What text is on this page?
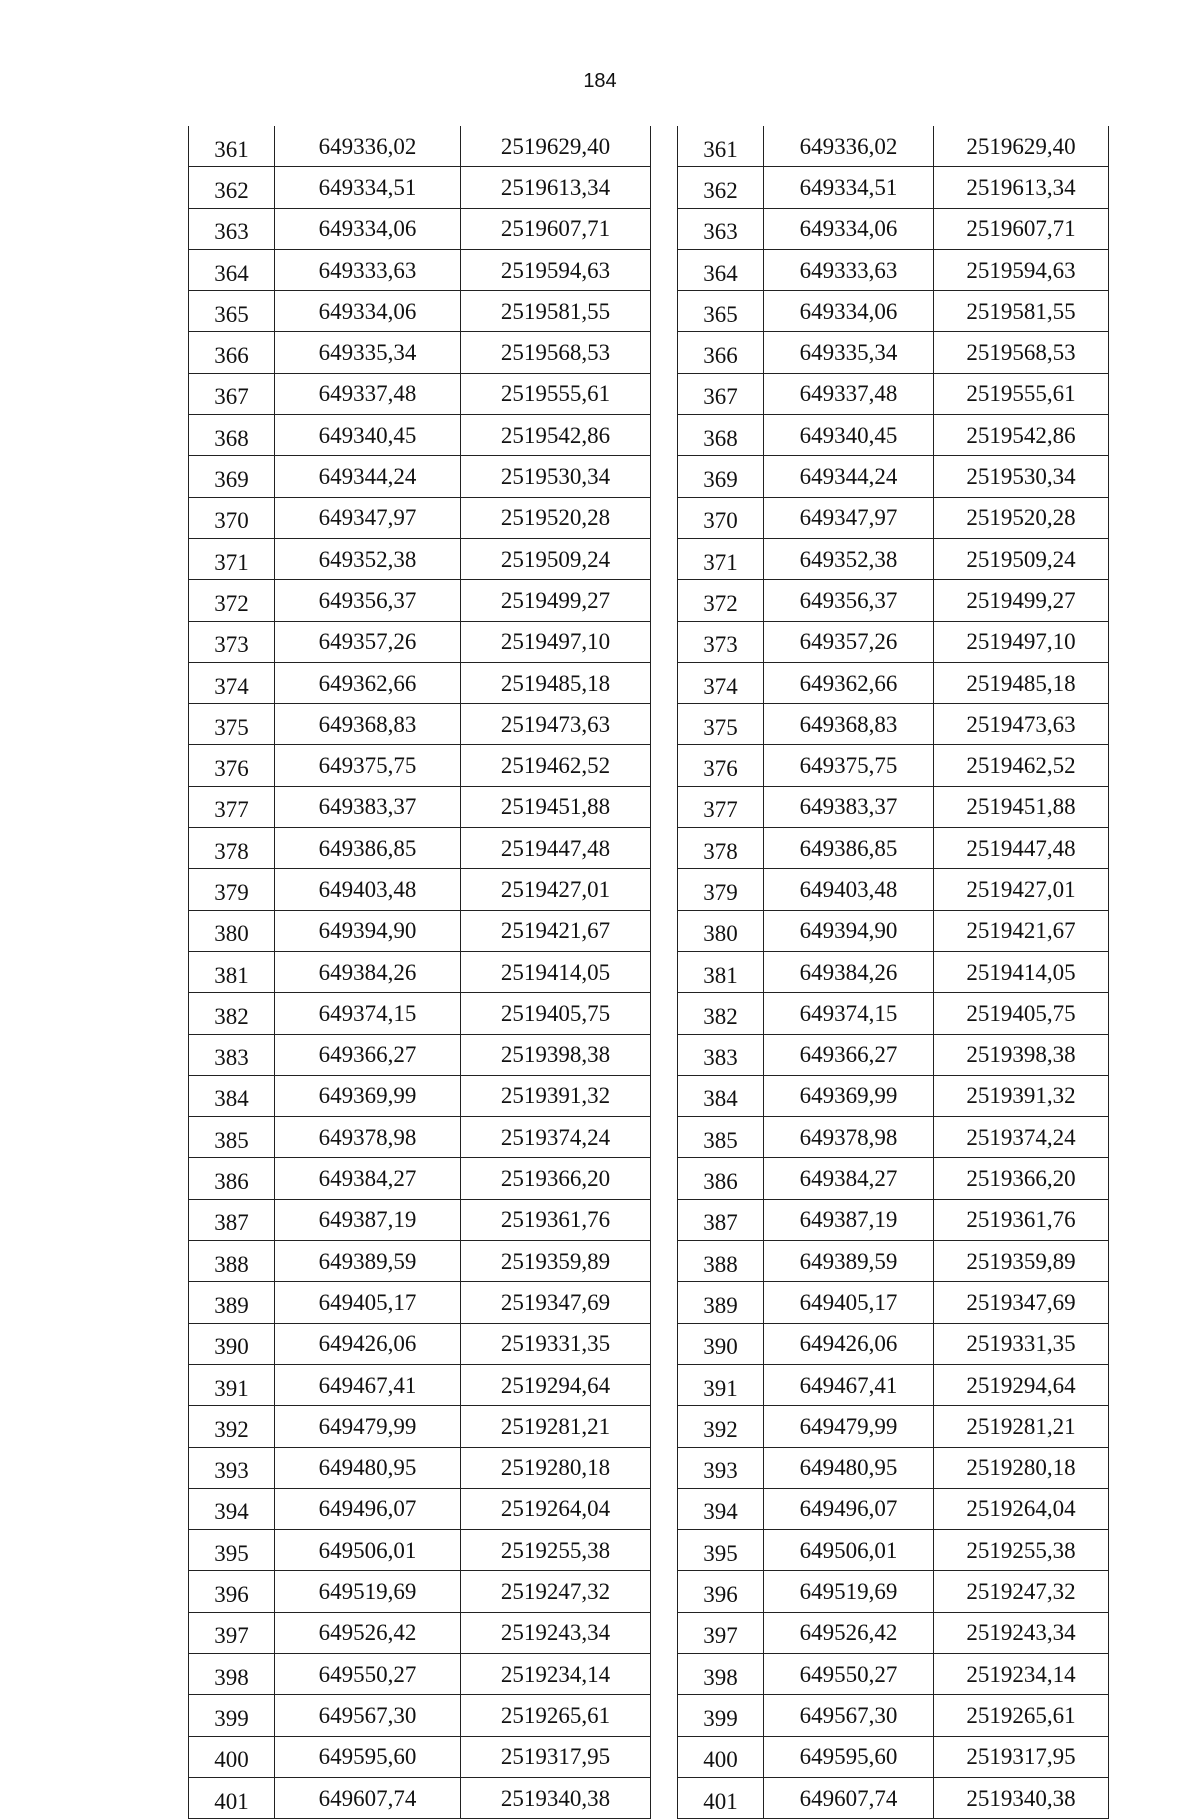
184
361	649336,02	2519629,40
362	649334,51	2519613,34
363	649334,06	2519607,71
364	649333,63	2519594,63
365	649334,06	2519581,55
366	649335,34	2519568,53
367	649337,48	2519555,61
368	649340,45	2519542,86
369	649344,24	2519530,34
370	649347,97	2519520,28
371	649352,38	2519509,24
372	649356,37	2519499,27
373	649357,26	2519497,10
374	649362,66	2519485,18
375	649368,83	2519473,63
376	649375,75	2519462,52
377	649383,37	2519451,88
378	649386,85	2519447,48
379	649403,48	2519427,01
380	649394,90	2519421,67
381	649384,26	2519414,05
382	649374,15	2519405,75
383	649366,27	2519398,38
384	649369,99	2519391,32
385	649378,98	2519374,24
386	649384,27	2519366,20
387	649387,19	2519361,76
388	649389,59	2519359,89
389	649405,17	2519347,69
390	649426,06	2519331,35
391	649467,41	2519294,64
392	649479,99	2519281,21
393	649480,95	2519280,18
394	649496,07	2519264,04
395	649506,01	2519255,38
396	649519,69	2519247,32
397	649526,42	2519243,34
398	649550,27	2519234,14
399	649567,30	2519265,61
400	649595,60	2519317,95
401	649607,74	2519340,38
361	649336,02	2519629,40
362	649334,51	2519613,34
363	649334,06	2519607,71
364	649333,63	2519594,63
365	649334,06	2519581,55
366	649335,34	2519568,53
367	649337,48	2519555,61
368	649340,45	2519542,86
369	649344,24	2519530,34
370	649347,97	2519520,28
371	649352,38	2519509,24
372	649356,37	2519499,27
373	649357,26	2519497,10
374	649362,66	2519485,18
375	649368,83	2519473,63
376	649375,75	2519462,52
377	649383,37	2519451,88
378	649386,85	2519447,48
379	649403,48	2519427,01
380	649394,90	2519421,67
381	649384,26	2519414,05
382	649374,15	2519405,75
383	649366,27	2519398,38
384	649369,99	2519391,32
385	649378,98	2519374,24
386	649384,27	2519366,20
387	649387,19	2519361,76
388	649389,59	2519359,89
389	649405,17	2519347,69
390	649426,06	2519331,35
391	649467,41	2519294,64
392	649479,99	2519281,21
393	649480,95	2519280,18
394	649496,07	2519264,04
395	649506,01	2519255,38
396	649519,69	2519247,32
397	649526,42	2519243,34
398	649550,27	2519234,14
399	649567,30	2519265,61
400	649595,60	2519317,95
401	649607,74	2519340,38
